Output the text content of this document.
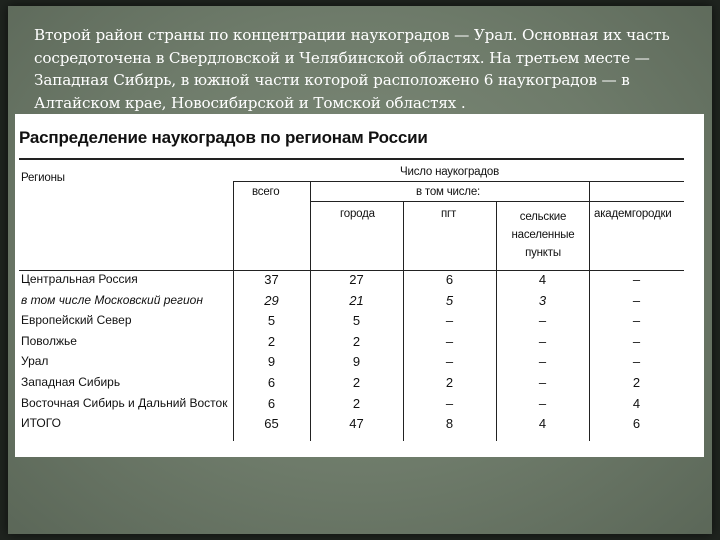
Второй район страны по концентрации наукоградов — Урал. Основная их часть сосредоточена в Свердловской и Челябинской областях. На третьем месте — Западная Сибирь, в южной части которой расположено 6 наукоградов — в Алтайском крае, Новосибирской и Томской областях .
Распределение наукоградов по регионам России
Регионы	Число наукоградов
всего	в том числе:
города	пгт	сельские населенные пункты
академгородки
Центральная Россия	37	27	6	4	–
в том числе Московский регион	29	21	5	3	–
Европейский Север	5	5	–	–	–
Поволжье	2	2	–	–	–
Урал	9	9	–	–	–
Западная Сибирь	6	2	2	–	2
Восточная Сибирь и Дальний Восток	6	2	–	–	4
ИТОГО	65	47	8	4	6
